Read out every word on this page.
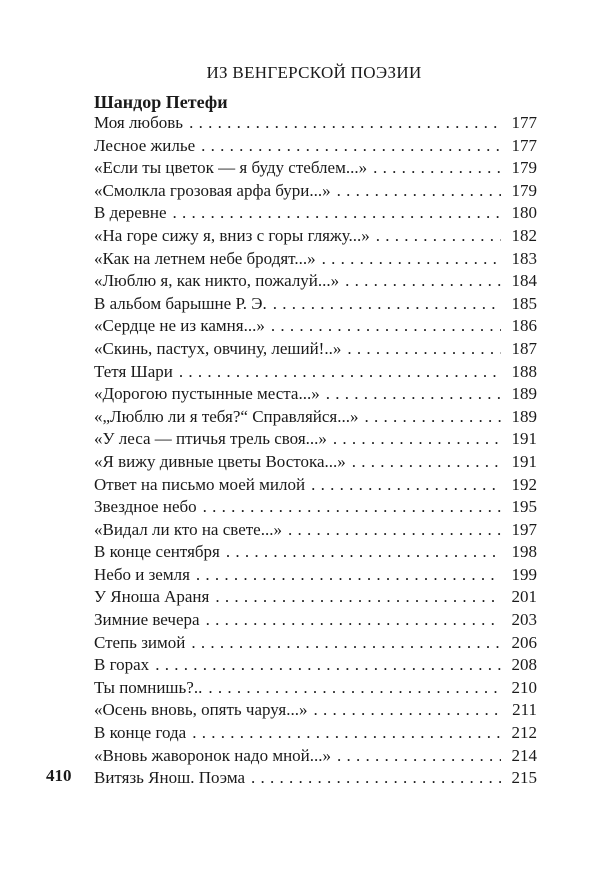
ИЗ ВЕНГЕРСКОЙ ПОЭЗИИ
Шандор Петефи
Моя любовь . . .	177
Лесное жилье . . .	177
«Если ты цветок — я буду стеблем...» . . .	179
«Смолкла грозовая арфа бури...» . . .	179
В деревне . . .	180
«На горе сижу я, вниз с горы гляжу...» . . .	182
«Как на летнем небе бродят...» . . .	183
«Люблю я, как никто, пожалуй...» . . .	184
В альбом барышне Р. Э. . . .	185
«Сердце не из камня...» . . .	186
«Скинь, пастух, овчину, леший!..» . . .	187
Тетя Шари . . .	188
«Дорогою пустынные места...» . . .	189
«„Люблю ли я тебя?“ Справляйся...» . . .	189
«У леса — птичья трель своя...» . . .	191
«Я вижу дивные цветы Востока...» . . .	191
Ответ на письмо моей милой . . .	192
Звездное небо . . .	195
«Видал ли кто на свете...» . . .	197
В конце сентября . . .	198
Небо и земля . . .	199
У Яноша Араня . . .	201
Зимние вечера . . .	203
Степь зимой . . .	206
В горах . . .	208
Ты помнишь?.. . . .	210
«Осень вновь, опять чаруя...» . . .	211
В конце года . . .	212
«Вновь жаворонок надо мной...» . . .	214
Витязь Янош. Поэма . . .	215
410
